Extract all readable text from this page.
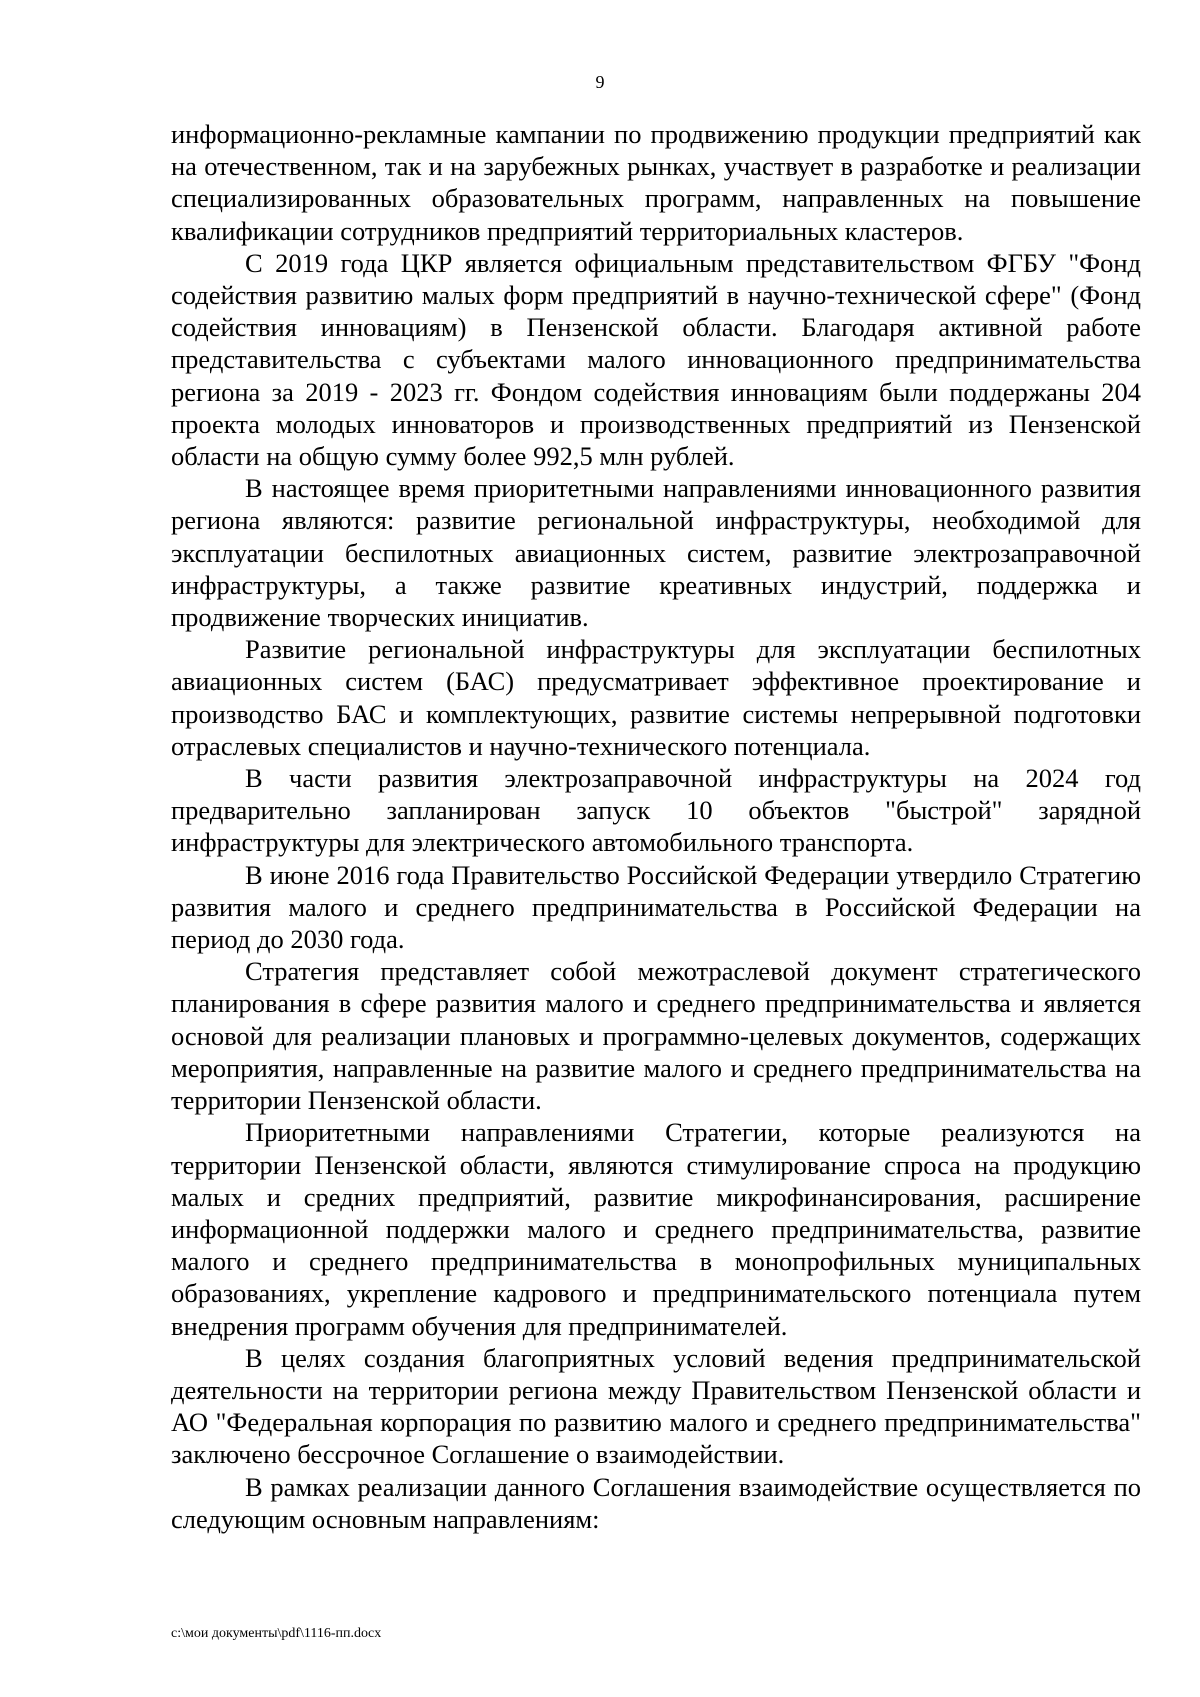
9

информационно-рекламные кампании по продвижению продукции предприятий как на отечественном, так и на зарубежных рынках, участвует в разработке и реализации специализированных образовательных программ, направленных на повышение квалификации сотрудников предприятий территориальных кластеров.

С 2019 года ЦКР является официальным представительством ФГБУ "Фонд содействия развитию малых форм предприятий в научно-технической сфере" (Фонд содействия инновациям) в Пензенской области. Благодаря активной работе представительства с субъектами малого инновационного предпринимательства региона за 2019 - 2023 гг. Фондом содействия инновациям были поддержаны 204 проекта молодых инноваторов и производственных предприятий из Пензенской области на общую сумму более 992,5 млн рублей.

В настоящее время приоритетными направлениями инновационного развития региона являются: развитие региональной инфраструктуры, необходимой для эксплуатации беспилотных авиационных систем, развитие электрозаправочной инфраструктуры, а также развитие креативных индустрий, поддержка и продвижение творческих инициатив.

Развитие региональной инфраструктуры для эксплуатации беспилотных авиационных систем (БАС) предусматривает эффективное проектирование и производство БАС и комплектующих, развитие системы непрерывной подготовки отраслевых специалистов и научно-технического потенциала.

В части развития электрозаправочной инфраструктуры на 2024 год предварительно запланирован запуск 10 объектов "быстрой" зарядной инфраструктуры для электрического автомобильного транспорта.

В июне 2016 года Правительство Российской Федерации утвердило Стратегию развития малого и среднего предпринимательства в Российской Федерации на период до 2030 года.

Стратегия представляет собой межотраслевой документ стратегического планирования в сфере развития малого и среднего предпринимательства и является основой для реализации плановых и программно-целевых документов, содержащих мероприятия, направленные на развитие малого и среднего предпринимательства на территории Пензенской области.

Приоритетными направлениями Стратегии, которые реализуются на территории Пензенской области, являются стимулирование спроса на продукцию малых и средних предприятий, развитие микрофинансирования, расширение информационной поддержки малого и среднего предпринимательства, развитие малого и среднего предпринимательства в монопрофильных муниципальных образованиях, укрепление кадрового и предпринимательского потенциала путем внедрения программ обучения для предпринимателей.

В целях создания благоприятных условий ведения предпринимательской деятельности на территории региона между Правительством Пензенской области и АО "Федеральная корпорация по развитию малого и среднего предпринимательства" заключено бессрочное Соглашение о взаимодействии.

В рамках реализации данного Соглашения взаимодействие осуществляется по следующим основным направлениям:

c:\мои документы\pdf\1116-пп.docx
